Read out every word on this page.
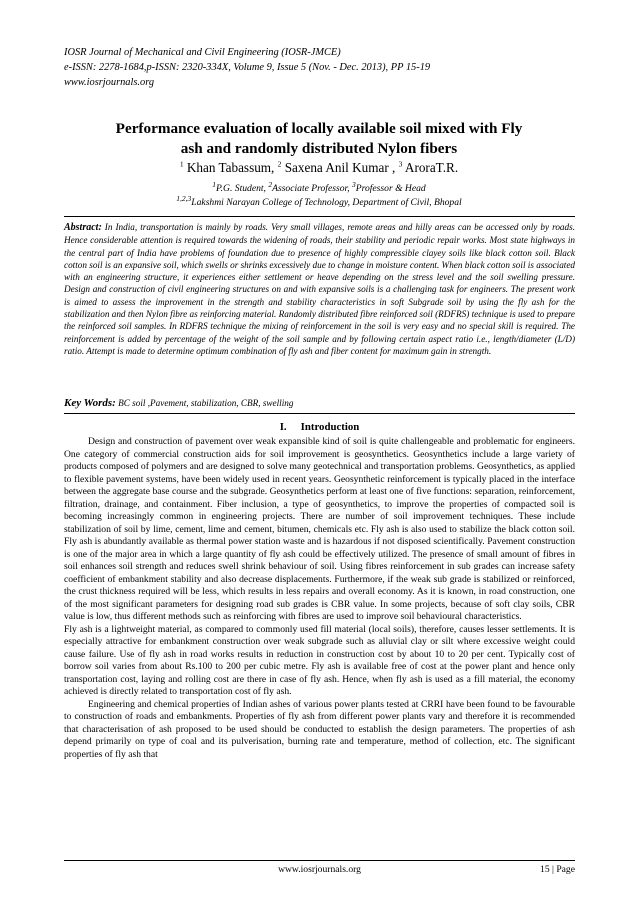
IOSR Journal of Mechanical and Civil Engineering (IOSR-JMCE)
e-ISSN: 2278-1684,p-ISSN: 2320-334X, Volume 9, Issue 5 (Nov. - Dec. 2013), PP 15-19
www.iosrjournals.org
Performance evaluation of locally available soil mixed with Fly
ash and randomly distributed Nylon fibers
$^1$ Khan Tabassum, $^2$ Saxena Anil Kumar , $^3$ AroraT.R.
$^1$P.G. Student, $^2$Associate Professor, $^3$Professor & Head
$^{1,2,3}$Lakshmi Narayan College of Technology, Department of Civil, Bhopal
Abstract: In India, transportation is mainly by roads. Very small villages, remote areas and hilly areas can be accessed only by roads. Hence considerable attention is required towards the widening of roads, their stability and periodic repair works. Most state highways in the central part of India have problems of foundation due to presence of highly compressible clayey soils like black cotton soil. Black cotton soil is an expansive soil, which swells or shrinks excessively due to change in moisture content. When black cotton soil is associated with an engineering structure, it experiences either settlement or heave depending on the stress level and the soil swelling pressure. Design and construction of civil engineering structures on and with expansive soils is a challenging task for engineers. The present work is aimed to assess the improvement in the strength and stability characteristics in soft Subgrade soil by using the fly ash for the stabilization and then Nylon fibre as reinforcing material. Randomly distributed fibre reinforced soil (RDFRS) technique is used to prepare the reinforced soil samples. In RDFRS technique the mixing of reinforcement in the soil is very easy and no special skill is required. The reinforcement is added by percentage of the weight of the soil sample and by following certain aspect ratio i.e., length/diameter (L/D) ratio. Attempt is made to determine optimum combination of fly ash and fiber content for maximum gain in strength.
Key Words: BC soil ,Pavement, stabilization, CBR, swelling
I. Introduction

Design and construction of pavement over weak expansible kind of soil is quite challengeable and problematic for engineers. One category of commercial construction aids for soil improvement is geosynthetics. Geosynthetics include a large variety of products composed of polymers and are designed to solve many geotechnical and transportation problems. Geosynthetics, as applied to flexible pavement systems, have been widely used in recent years. Geosynthetic reinforcement is typically placed in the interface between the aggregate base course and the subgrade. Geosynthetics perform at least one of five functions: separation, reinforcement, filtration, drainage, and containment. Fiber inclusion, a type of geosynthetics, to improve the properties of compacted soil is becoming increasingly common in engineering projects. There are number of soil improvement techniques. These include stabilization of soil by lime, cement, lime and cement, bitumen, chemicals etc. Fly ash is also used to stabilize the black cotton soil. Fly ash is abundantly available as thermal power station waste and is hazardous if not disposed scientifically. Pavement construction is one of the major area in which a large quantity of fly ash could be effectively utilized. The presence of small amount of fibres in soil enhances soil strength and reduces swell shrink behaviour of soil. Using fibres reinforcement in sub grades can increase safety coefficient of embankment stability and also decrease displacements. Furthermore, if the weak sub grade is stabilized or reinforced, the crust thickness required will be less, which results in less repairs and overall economy. As it is known, in road construction, one of the most significant parameters for designing road sub grades is CBR value. In some projects, because of soft clay soils, CBR value is low, thus different methods such as reinforcing with fibres are used to improve soil behavioural characteristics.

Fly ash is a lightweight material, as compared to commonly used fill material (local soils), therefore, causes lesser settlements. It is especially attractive for embankment construction over weak subgrade such as alluvial clay or silt where excessive weight could cause failure. Use of fly ash in road works results in reduction in construction cost by about 10 to 20 per cent. Typically cost of borrow soil varies from about Rs.100 to 200 per cubic metre. Fly ash is available free of cost at the power plant and hence only transportation cost, laying and rolling cost are there in case of fly ash. Hence, when fly ash is used as a fill material, the economy achieved is directly related to transportation cost of fly ash.

Engineering and chemical properties of Indian ashes of various power plants tested at CRRI have been found to be favourable to construction of roads and embankments. Properties of fly ash from different power plants vary and therefore it is recommended that characterisation of ash proposed to be used should be conducted to establish the design parameters. The properties of ash depend primarily on type of coal and its pulverisation, burning rate and temperature, method of collection, etc. The significant properties of fly ash that

www.iosrjournals.org	15 | Page
